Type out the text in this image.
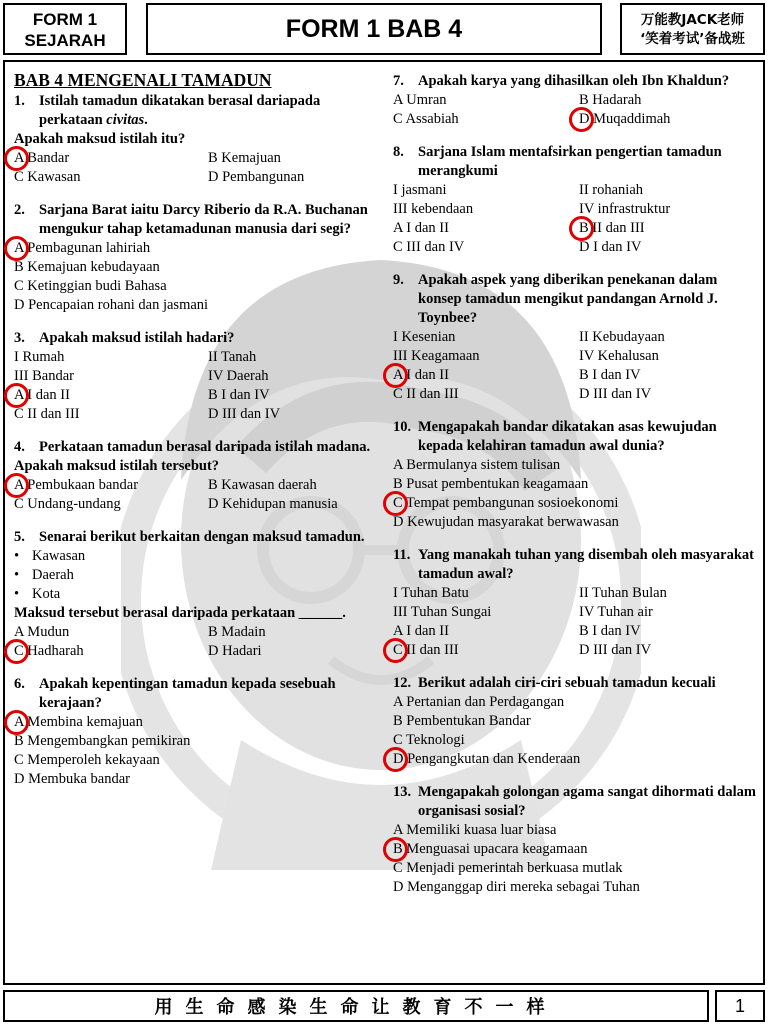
FORM 1
SEJARAH	FORM 1 BAB 4	万能教JACK老师
‘笑着考试’备战班
BAB 4 MENGENALI TAMADUN
1. Istilah tamadun dikatakan berasal dariapada perkataan civitas.
Apakah maksud istilah itu?
A Bandar	B Kemajuan
C Kawasan	D Pembangunan
2. Sarjana Barat iaitu Darcy Riberio da R.A. Buchanan mengukur tahap ketamadunan manusia dari segi?
A Pembagunan lahiriah
B Kemajuan kebudayaan
C Ketinggian budi Bahasa
D Pencapaian rohani dan jasmani
3. Apakah maksud istilah hadari?
I Rumah	II Tanah
III Bandar	IV Daerah
A I dan II	B I dan IV
C II dan III	D III dan IV
4. Perkataan tamadun berasal daripada istilah madana.
Apakah maksud istilah tersebut?
A Pembukaan bandar	B Kawasan daerah
C Undang-undang	D Kehidupan manusia
5. Senarai berikut berkaitan dengan maksud tamadun.
• Kawasan
• Daerah
• Kota
Maksud tersebut berasal daripada perkataan ______.
A Mudun	B Madain
C Hadharah	D Hadari
6. Apakah kepentingan tamadun kepada sesebuah kerajaan?
A Membina kemajuan
B Mengembangkan pemikiran
C Memperoleh kekayaan
D Membuka bandar
7. Apakah karya yang dihasilkan oleh Ibn Khaldun?
A Umran	B Hadarah
C Assabiah	D Muqaddimah
8. Sarjana Islam mentafsirkan pengertian tamadun merangkumi
I jasmani	II rohaniah
III kebendaan	IV infrastruktur
A I dan II	B II dan III
C III dan IV	D I dan IV
9. Apakah aspek yang diberikan penekanan dalam konsep tamadun mengikut pandangan Arnold J. Toynbee?
I Kesenian	II Kebudayaan
III Keagamaan	IV Kehalusan
A I dan II	B I dan IV
C II dan III	D III dan IV
10. Mengapakah bandar dikatakan asas kewujudan kepada kelahiran tamadun awal dunia?
A Bermulanya sistem tulisan
B Pusat pembentukan keagamaan
C Tempat pembangunan sosioekonomi
D Kewujudan masyarakat berwawasan
11. Yang manakah tuhan yang disembah oleh masyarakat tamadun awal?
I Tuhan Batu	II Tuhan Bulan
III Tuhan Sungai	IV Tuhan air
A I dan II	B I dan IV
C II dan III	D III dan IV
12. Berikut adalah ciri-ciri sebuah tamadun kecuali
A Pertanian dan Perdagangan
B Pembentukan Bandar
C Teknologi
D Pengangkutan dan Kenderaan
13. Mengapakah golongan agama sangat dihormati dalam organisasi sosial?
A Memiliki kuasa luar biasa
B Menguasai upacara keagamaan
C Menjadi pemerintah berkuasa mutlak
D Menganggap diri mereka sebagai Tuhan
用生命感染生命让教育不一样	1
